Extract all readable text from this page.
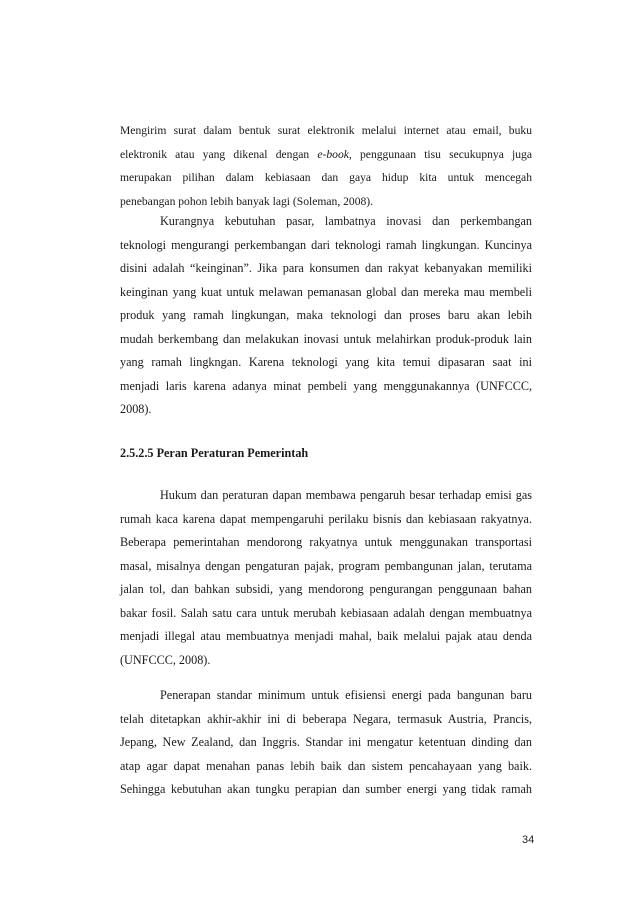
Mengirim surat dalam bentuk surat elektronik melalui internet atau email, buku
elektronik atau yang dikenal dengan e-book, penggunaan tisu secukupnya juga
merupakan pilihan dalam kebiasaan dan gaya hidup kita untuk mencegah
penebangan pohon lebih banyak lagi (Soleman, 2008).
Kurangnya kebutuhan pasar, lambatnya inovasi dan perkembangan
teknologi mengurangi perkembangan dari teknologi ramah lingkungan. Kuncinya
disini adalah “keinginan”. Jika para konsumen dan rakyat kebanyakan memiliki
keinginan yang kuat untuk melawan pemanasan global dan mereka mau membeli
produk yang ramah lingkungan, maka teknologi dan proses baru akan lebih
mudah berkembang dan melakukan inovasi untuk melahirkan produk-produk lain
yang ramah lingkngan. Karena teknologi yang kita temui dipasaran saat ini
menjadi laris karena adanya minat pembeli yang menggunakannya (UNFCCC,
2008).
2.5.2.5 Peran Peraturan Pemerintah
Hukum dan peraturan dapan membawa pengaruh besar terhadap emisi gas
rumah kaca karena dapat mempengaruhi perilaku bisnis dan kebiasaan rakyatnya.
Beberapa pemerintahan mendorong rakyatnya untuk menggunakan transportasi
masal, misalnya dengan pengaturan pajak, program pembangunan jalan, terutama
jalan tol, dan bahkan subsidi, yang mendorong pengurangan penggunaan bahan
bakar fosil. Salah satu cara untuk merubah kebiasaan adalah dengan membuatnya
menjadi illegal atau membuatnya menjadi mahal, baik melalui pajak atau denda
(UNFCCC, 2008).
Penerapan standar minimum untuk efisiensi energi pada bangunan baru
telah ditetapkan akhir-akhir ini di beberapa Negara, termasuk Austria, Prancis,
Jepang, New Zealand, dan Inggris. Standar ini mengatur ketentuan dinding dan
atap agar dapat menahan panas lebih baik dan sistem pencahayaan yang baik.
Sehingga kebutuhan akan tungku perapian dan sumber energi yang tidak ramah
34
